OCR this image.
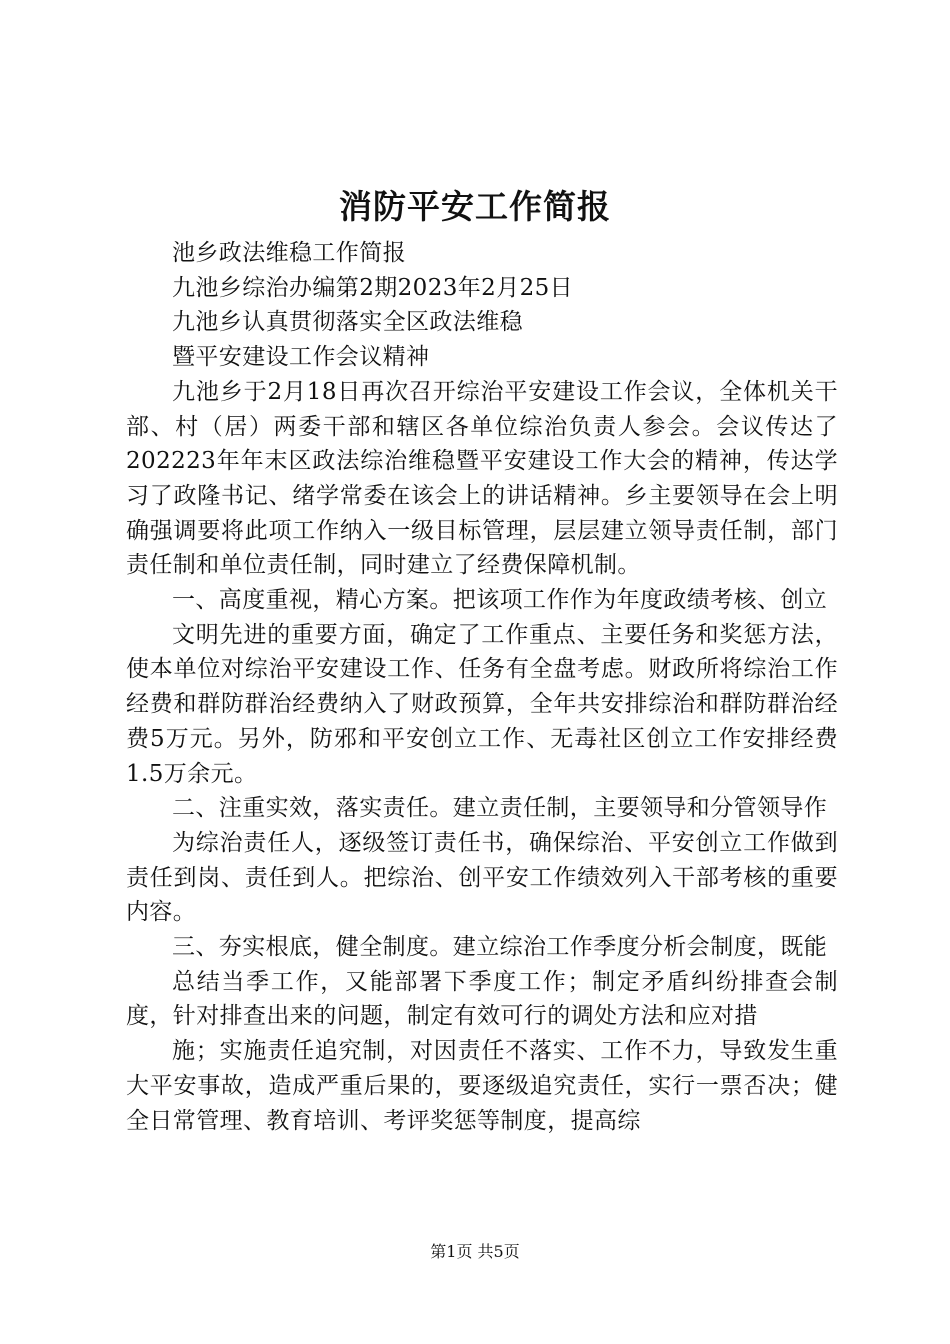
消防平安工作简报

池乡政法维稳工作简报

九池乡综治办编第2期2023年2月25日

九池乡认真贯彻落实全区政法维稳

暨平安建设工作会议精神

九池乡于2月18日再次召开综治平安建设工作会议，全体机关干部、村（居）两委干部和辖区各单位综治负责人参会。会议传达了202223年年末区政法综治维稳暨平安建设工作大会的精神，传达学习了政隆书记、绪学常委在该会上的讲话精神。乡主要领导在会上明确强调要将此项工作纳入一级目标管理，层层建立领导责任制，部门责任制和单位责任制，同时建立了经费保障机制。

一、高度重视，精心方案。把该项工作作为年度政绩考核、创立

文明先进的重要方面，确定了工作重点、主要任务和奖惩方法，使本单位对综治平安建设工作、任务有全盘考虑。财政所将综治工作经费和群防群治经费纳入了财政预算，全年共安排综治和群防群治经费5万元。另外，防邪和平安创立工作、无毒社区创立工作安排经费1.5万余元。

二、注重实效，落实责任。建立责任制，主要领导和分管领导作

为综治责任人，逐级签订责任书，确保综治、平安创立工作做到责任到岗、责任到人。把综治、创平安工作绩效列入干部考核的重要内容。

三、夯实根底，健全制度。建立综治工作季度分析会制度，既能

总结当季工作，又能部署下季度工作；制定矛盾纠纷排查会制度，针对排查出来的问题，制定有效可行的调处方法和应对措

施；实施责任追究制，对因责任不落实、工作不力，导致发生重大平安事故，造成严重后果的，要逐级追究责任，实行一票否决；健全日常管理、教育培训、考评奖惩等制度，提高综

第1页 共5页
